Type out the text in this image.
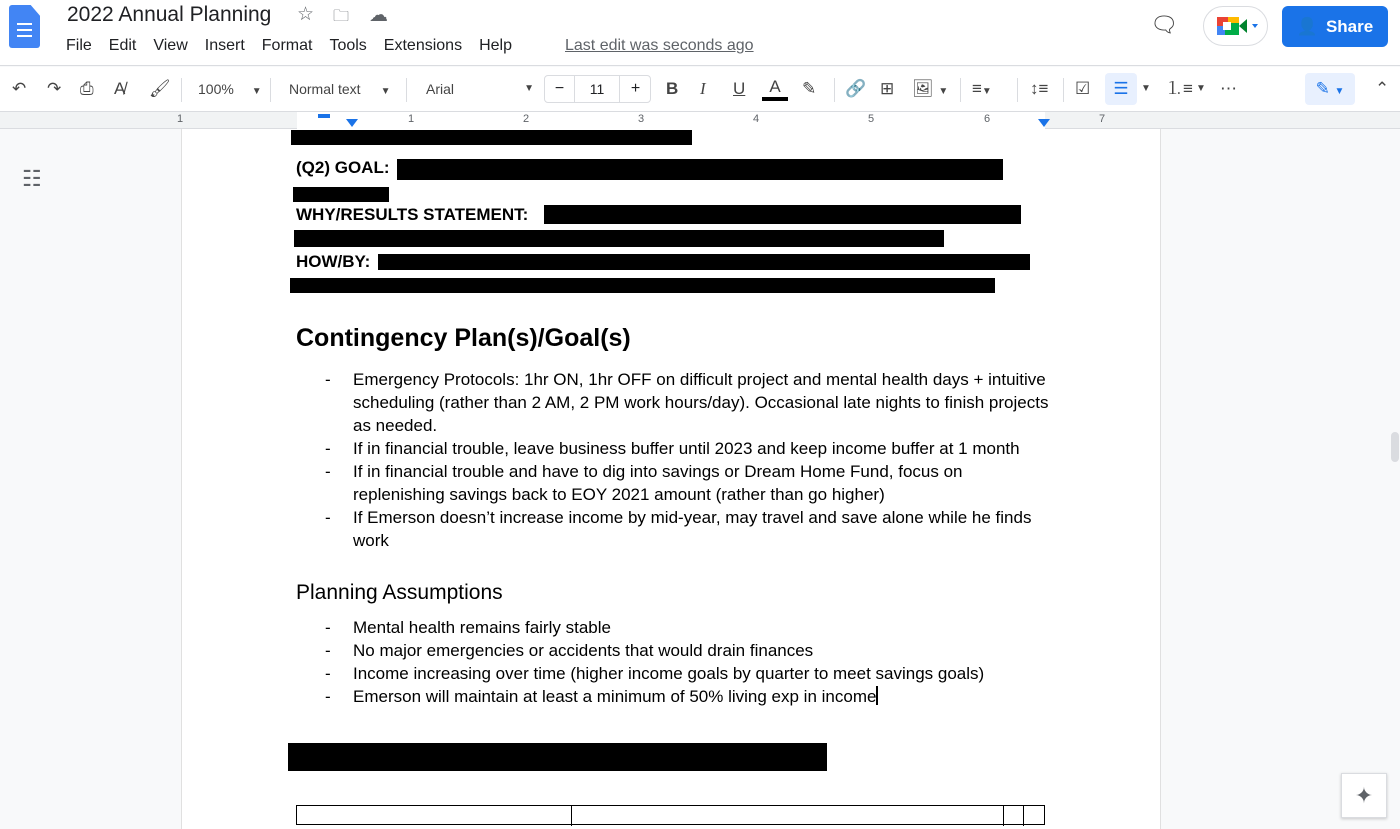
2022 Annual Planning ☆ 🗀 ☁
File Edit View Insert Format Tools Extensions Help	Last edit was seconds ago
🗨	👤 Share
↶ ↷ ⎙ A̸ 🖌 100% ▼ Normal text ▼	Arial	▼	−	11	+	B I U	A	✎ 🔗 ⊞ 🖼 ▼ ≡▼ ↕≡ ☑	☰	▼ ⒈≡ ▼ ⋯	✎ ▼	⌃
1	1	2	3	4	5	6	7
☷	(Q2) GOAL:
WHY/RESULTS STATEMENT:
HOW/BY:
Contingency Plan(s)/Goal(s)
- Emergency Protocols: 1hr ON, 1hr OFF on difficult project and mental health days + intuitive scheduling (rather than 2 AM, 2 PM work hours/day). Occasional late nights to finish projects as needed.
- If in financial trouble, leave business buffer until 2023 and keep income buffer at 1 month
- If in financial trouble and have to dig into savings or Dream Home Fund, focus on replenishing savings back to EOY 2021 amount (rather than go higher)
- If Emerson doesn’t increase income by mid-year, may travel and save alone while he finds work
Planning Assumptions
- Mental health remains fairly stable
- No major emergencies or accidents that would drain finances
- Income increasing over time (higher income goals by quarter to meet savings goals)
- Emerson will maintain at least a minimum of 50% living exp in income
✦
